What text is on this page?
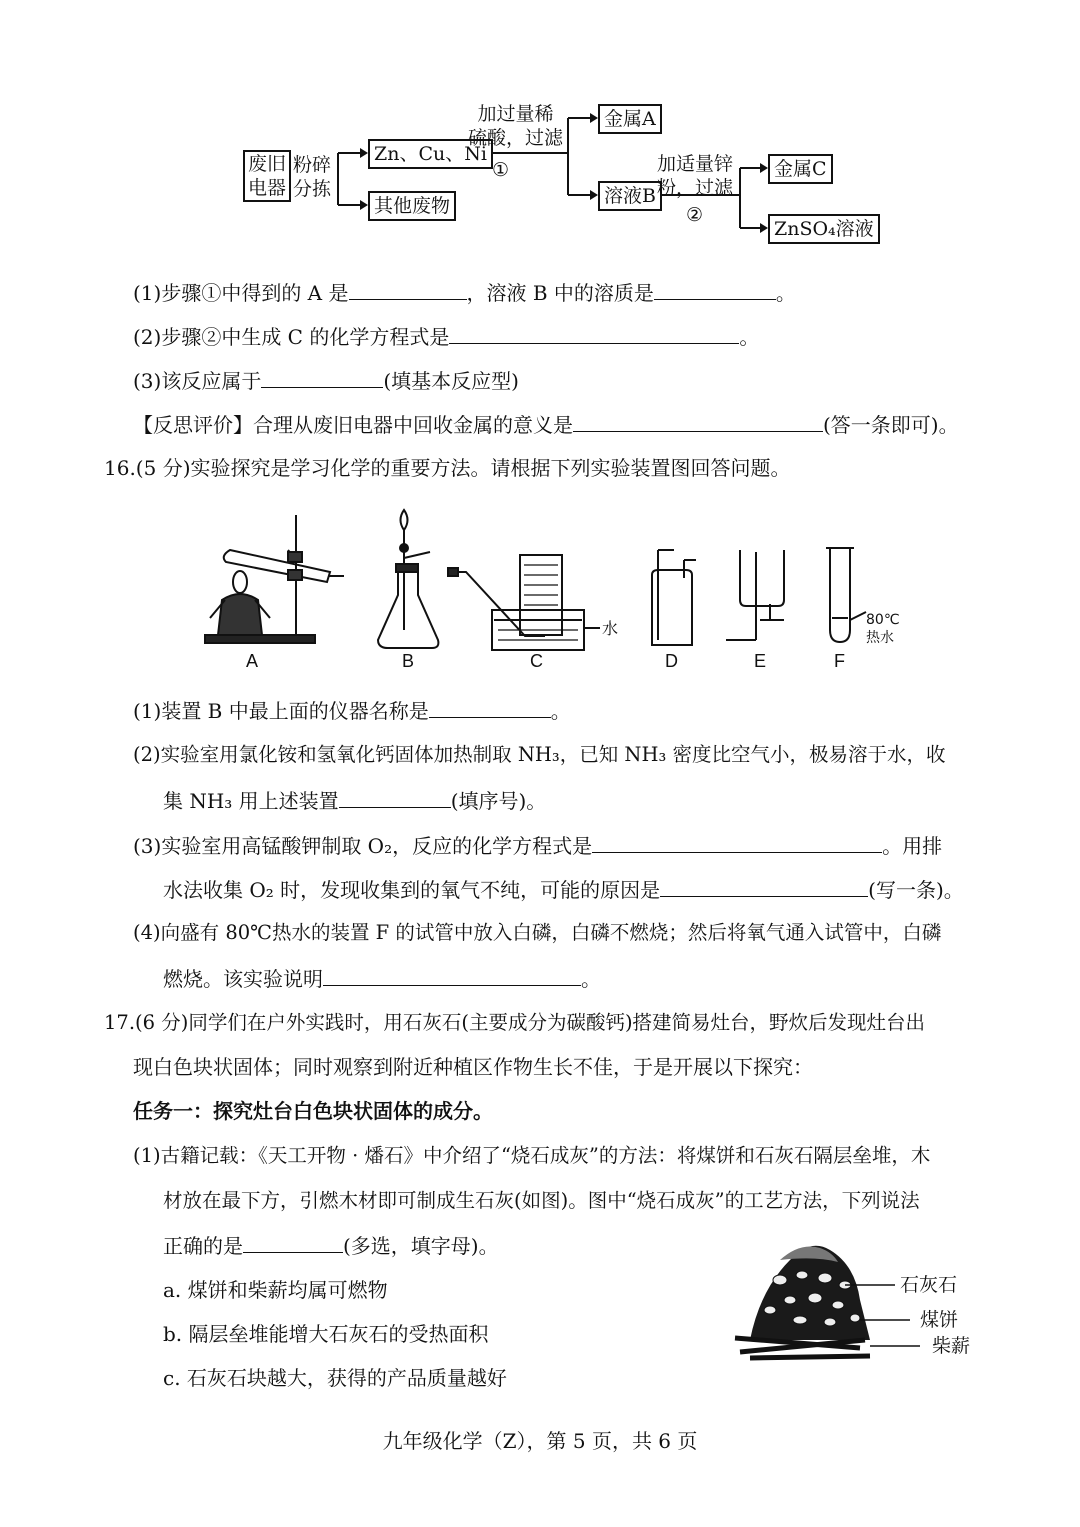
废旧
电器
粉碎
分拣
Zn、Cu、Ni
其他废物
加过量稀
硫酸，过滤
①
金属A
溶液B
加适量锌
粉，过滤
②
金属C
ZnSO₄溶液
(1)步骤①中得到的 A 是	，溶液 B 中的溶质是	。
(2)步骤②中生成 C 的化学方程式是	。
(3)该反应属于	(填基本反应型)
【反思评价】合理从废旧电器中回收金属的意义是	(答一条即可)。
16.(5 分)实验探究是学习化学的重要方法。请根据下列实验装置图回答问题。
A	B	C	D	E	F
水	80℃
热水
(1)装置 B 中最上面的仪器名称是	。
(2)实验室用氯化铵和氢氧化钙固体加热制取 NH₃，已知 NH₃ 密度比空气小，极易溶于水，收
集 NH₃ 用上述装置	(填序号)。
(3)实验室用高锰酸钾制取 O₂，反应的化学方程式是	。用排
水法收集 O₂ 时，发现收集到的氧气不纯，可能的原因是	(写一条)。
(4)向盛有 80℃热水的装置 F 的试管中放入白磷，白磷不燃烧；然后将氧气通入试管中，白磷
燃烧。该实验说明	。
17.(6 分)同学们在户外实践时，用石灰石(主要成分为碳酸钙)搭建简易灶台，野炊后发现灶台出
现白色块状固体；同时观察到附近种植区作物生长不佳，于是开展以下探究：
任务一：探究灶台白色块状固体的成分。
(1)古籍记载：《天工开物 · 燔石》中介绍了“烧石成灰”的方法：将煤饼和石灰石隔层垒堆，木
材放在最下方，引燃木材即可制成生石灰(如图)。图中“烧石成灰”的工艺方法，下列说法
正确的是	(多选，填字母)。
a. 煤饼和柴薪均属可燃物
b. 隔层垒堆能增大石灰石的受热面积
c. 石灰石块越大，获得的产品质量越好
石灰石
煤饼
柴薪
九年级化学（Z），第 5 页，共 6 页
